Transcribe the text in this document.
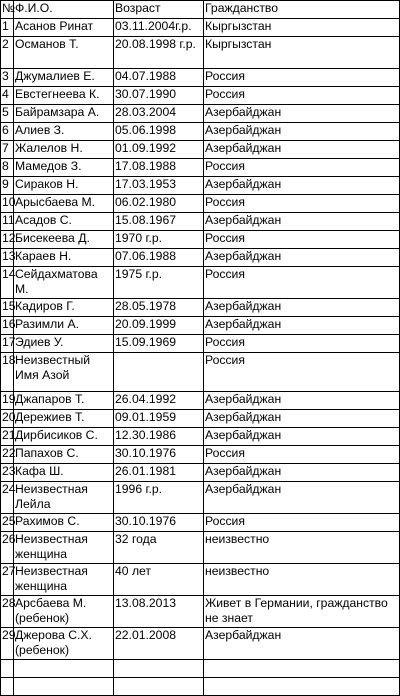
№	Ф.И.О.	Возраст	Гражданство
1	Асанов Ринат	03.11.2004г.р.	Кыргызстан
2	Османов Т.	20.08.1998 г.р.	Кыргызстан
3	Джумалиев Е.	04.07.1988	Россия
4	Евстегнеева К.	30.07.1990	Россия
5	Байрамзара А.	28.03.2004	Азербайджан
6	Алиев З.	05.06.1998	Азербайджан
7	Жалелов Н.	01.09.1992	Азербайджан
8	Мамедов З.	17.08.1988	Россия
9	Сираков Н.	17.03.1953	Азербайджан
10	Арысбаева М.	06.02.1980	Россия
11	Асадов С.	15.08.1967	Азербайджан
12	Бисекеева Д.	1970 г.р.	Россия
13	Караев Н.	07.06.1988	Азербайджан
14	Сейдахматова М.	1975 г.р.	Россия
15	Кадиров Г.	28.05.1978	Азербайджан
16	Разимли А.	20.09.1999	Азербайджан
17	Эдиев У.	15.09.1969	Россия
18	Неизвестный Имя Азой		Россия
19	Джапаров Т.	26.04.1992	Азербайджан
20	Дережиев Т.	09.01.1959	Азербайджан
21	Дирбисиков С.	12.30.1986	Азербайджан
22	Папахов С.	30.10.1976	Россия
23	Кафа Ш.	26.01.1981	Азербайджан
24	Неизвестная Лейла	1996 г.р.	Азербайджан
25	Рахимов С.	30.10.1976	Россия
26	Неизвестная женщина	32 года	неизвестно
27	Неизвестная женщина	40 лет	неизвестно
28	Арсбаева М. (ребенок)	13.08.2013	Живет в Германии, гражданство не знает
29	Джерова С.Х. (ребенок)	22.01.2008	Азербайджан
